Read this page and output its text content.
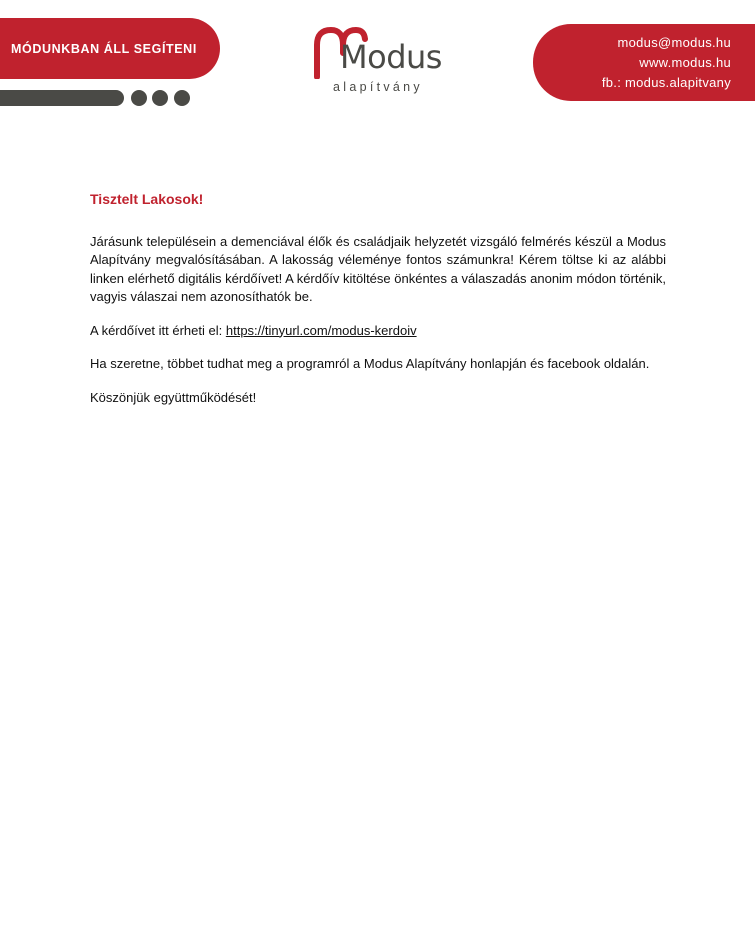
MÓDUNKBAN ÁLL SEGÍTENI	Modus
alapítvány
modus@modus.hu
www.modus.hu
fb.: modus.alapitvany
Tisztelt Lakosok!

Járásunk településein a demenciával élők és családjaik helyzetét vizsgáló felmérés készül a Modus Alapítvány megvalósításában. A lakosság véleménye fontos számunkra! Kérem töltse ki az alábbi linken elérhető digitális kérdőívet! A kérdőív kitöltése önkéntes a válaszadás anonim módon történik, vagyis válaszai nem azonosíthatók be.

A kérdőívet itt érheti el: https://tinyurl.com/modus-kerdoiv

Ha szeretne, többet tudhat meg a programról a Modus Alapítvány honlapján és facebook oldalán.

Köszönjük együttműködését!
